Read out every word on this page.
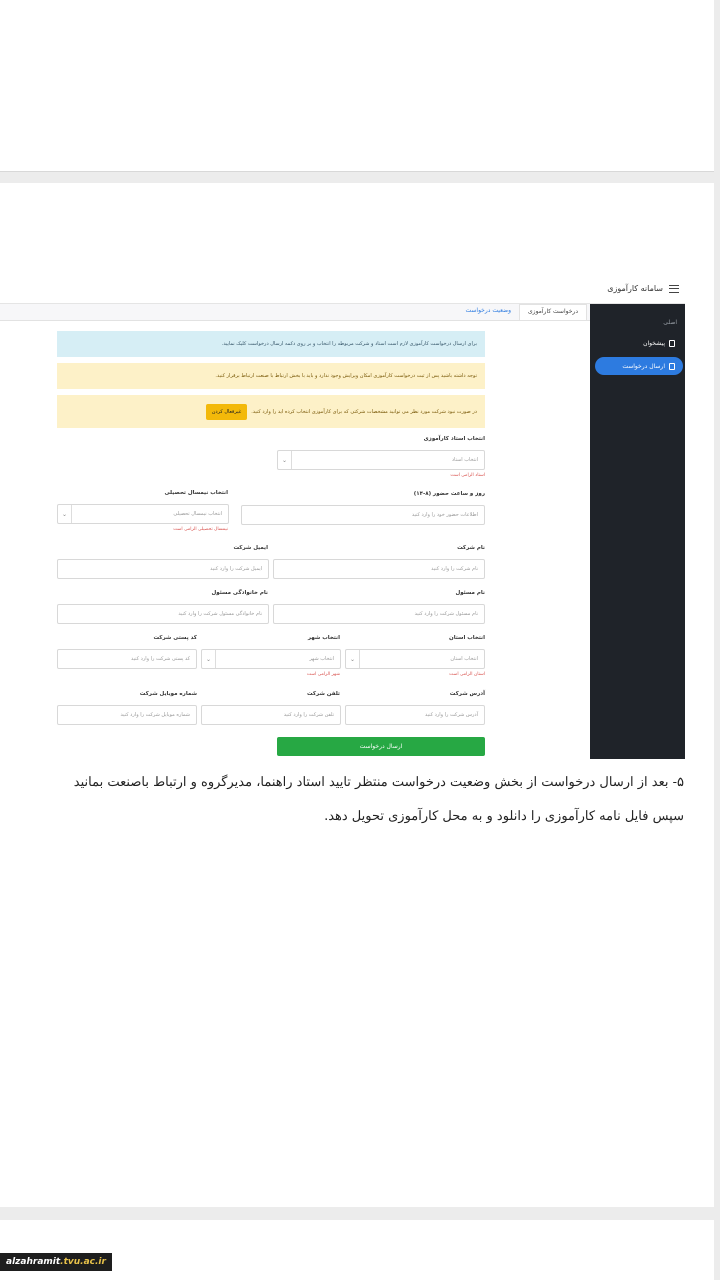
سامانه کارآموزی
اصلی
پیشخوان
ارسال درخواست
درخواست کارآموزی
وضعیت درخواست
برای ارسال درخواست کارآموزی لازم است استاد و شرکت مربوطه را انتخاب و بر روی دکمه ارسال درخواست کلیک نمایید.
توجه داشته باشید پس از ثبت درخواست کارآموزی امکان ویرایش وجود ندارد و باید با بخش ارتباط با صنعت ارتباط برقرار کنید.
در صورت نبود شرکت مورد نظر می توانید مشخصات شرکتی که برای کارآموزی انتخاب کرده اید را وارد کنید.
غیرفعال کردن
انتخاب استاد کارآموزی
انتخاب استاد
⌄
استاد الزامی است
روز و ساعت حضور (۸-۱۴)
اطلاعات حضور خود را وارد کنید
انتخاب نیمسال تحصیلی
انتخاب نیمسال تحصیلی
⌄
نیمسال تحصیلی الزامی است
نام شرکت
نام شرکت را وارد کنید
ایمیل شرکت
ایمیل شرکت را وارد کنید
نام مسئول
نام مسئول شرکت را وارد کنید
نام خانوادگی مسئول
نام خانوادگی مسئول شرکت را وارد کنید
انتخاب استان
انتخاب استان
⌄
استان الزامی است
انتخاب شهر
انتخاب شهر
⌄
شهر الزامی است
کد پستی شرکت
کد پستی شرکت را وارد کنید
آدرس شرکت
آدرس شرکت را وارد کنید
تلفن شرکت
تلفن شرکت را وارد کنید
شماره موبایل شرکت
شماره موبایل شرکت را وارد کنید
ارسال درخواست
۵- بعد از ارسال درخواست از بخش وضعیت درخواست منتظر تایید استاد راهنما، مدیرگروه و ارتباط باصنعت بمانید
سپس فایل نامه کارآموزی را دانلود و به محل کارآموزی تحویل دهد.
alzahramit .tvu.ac.ir
